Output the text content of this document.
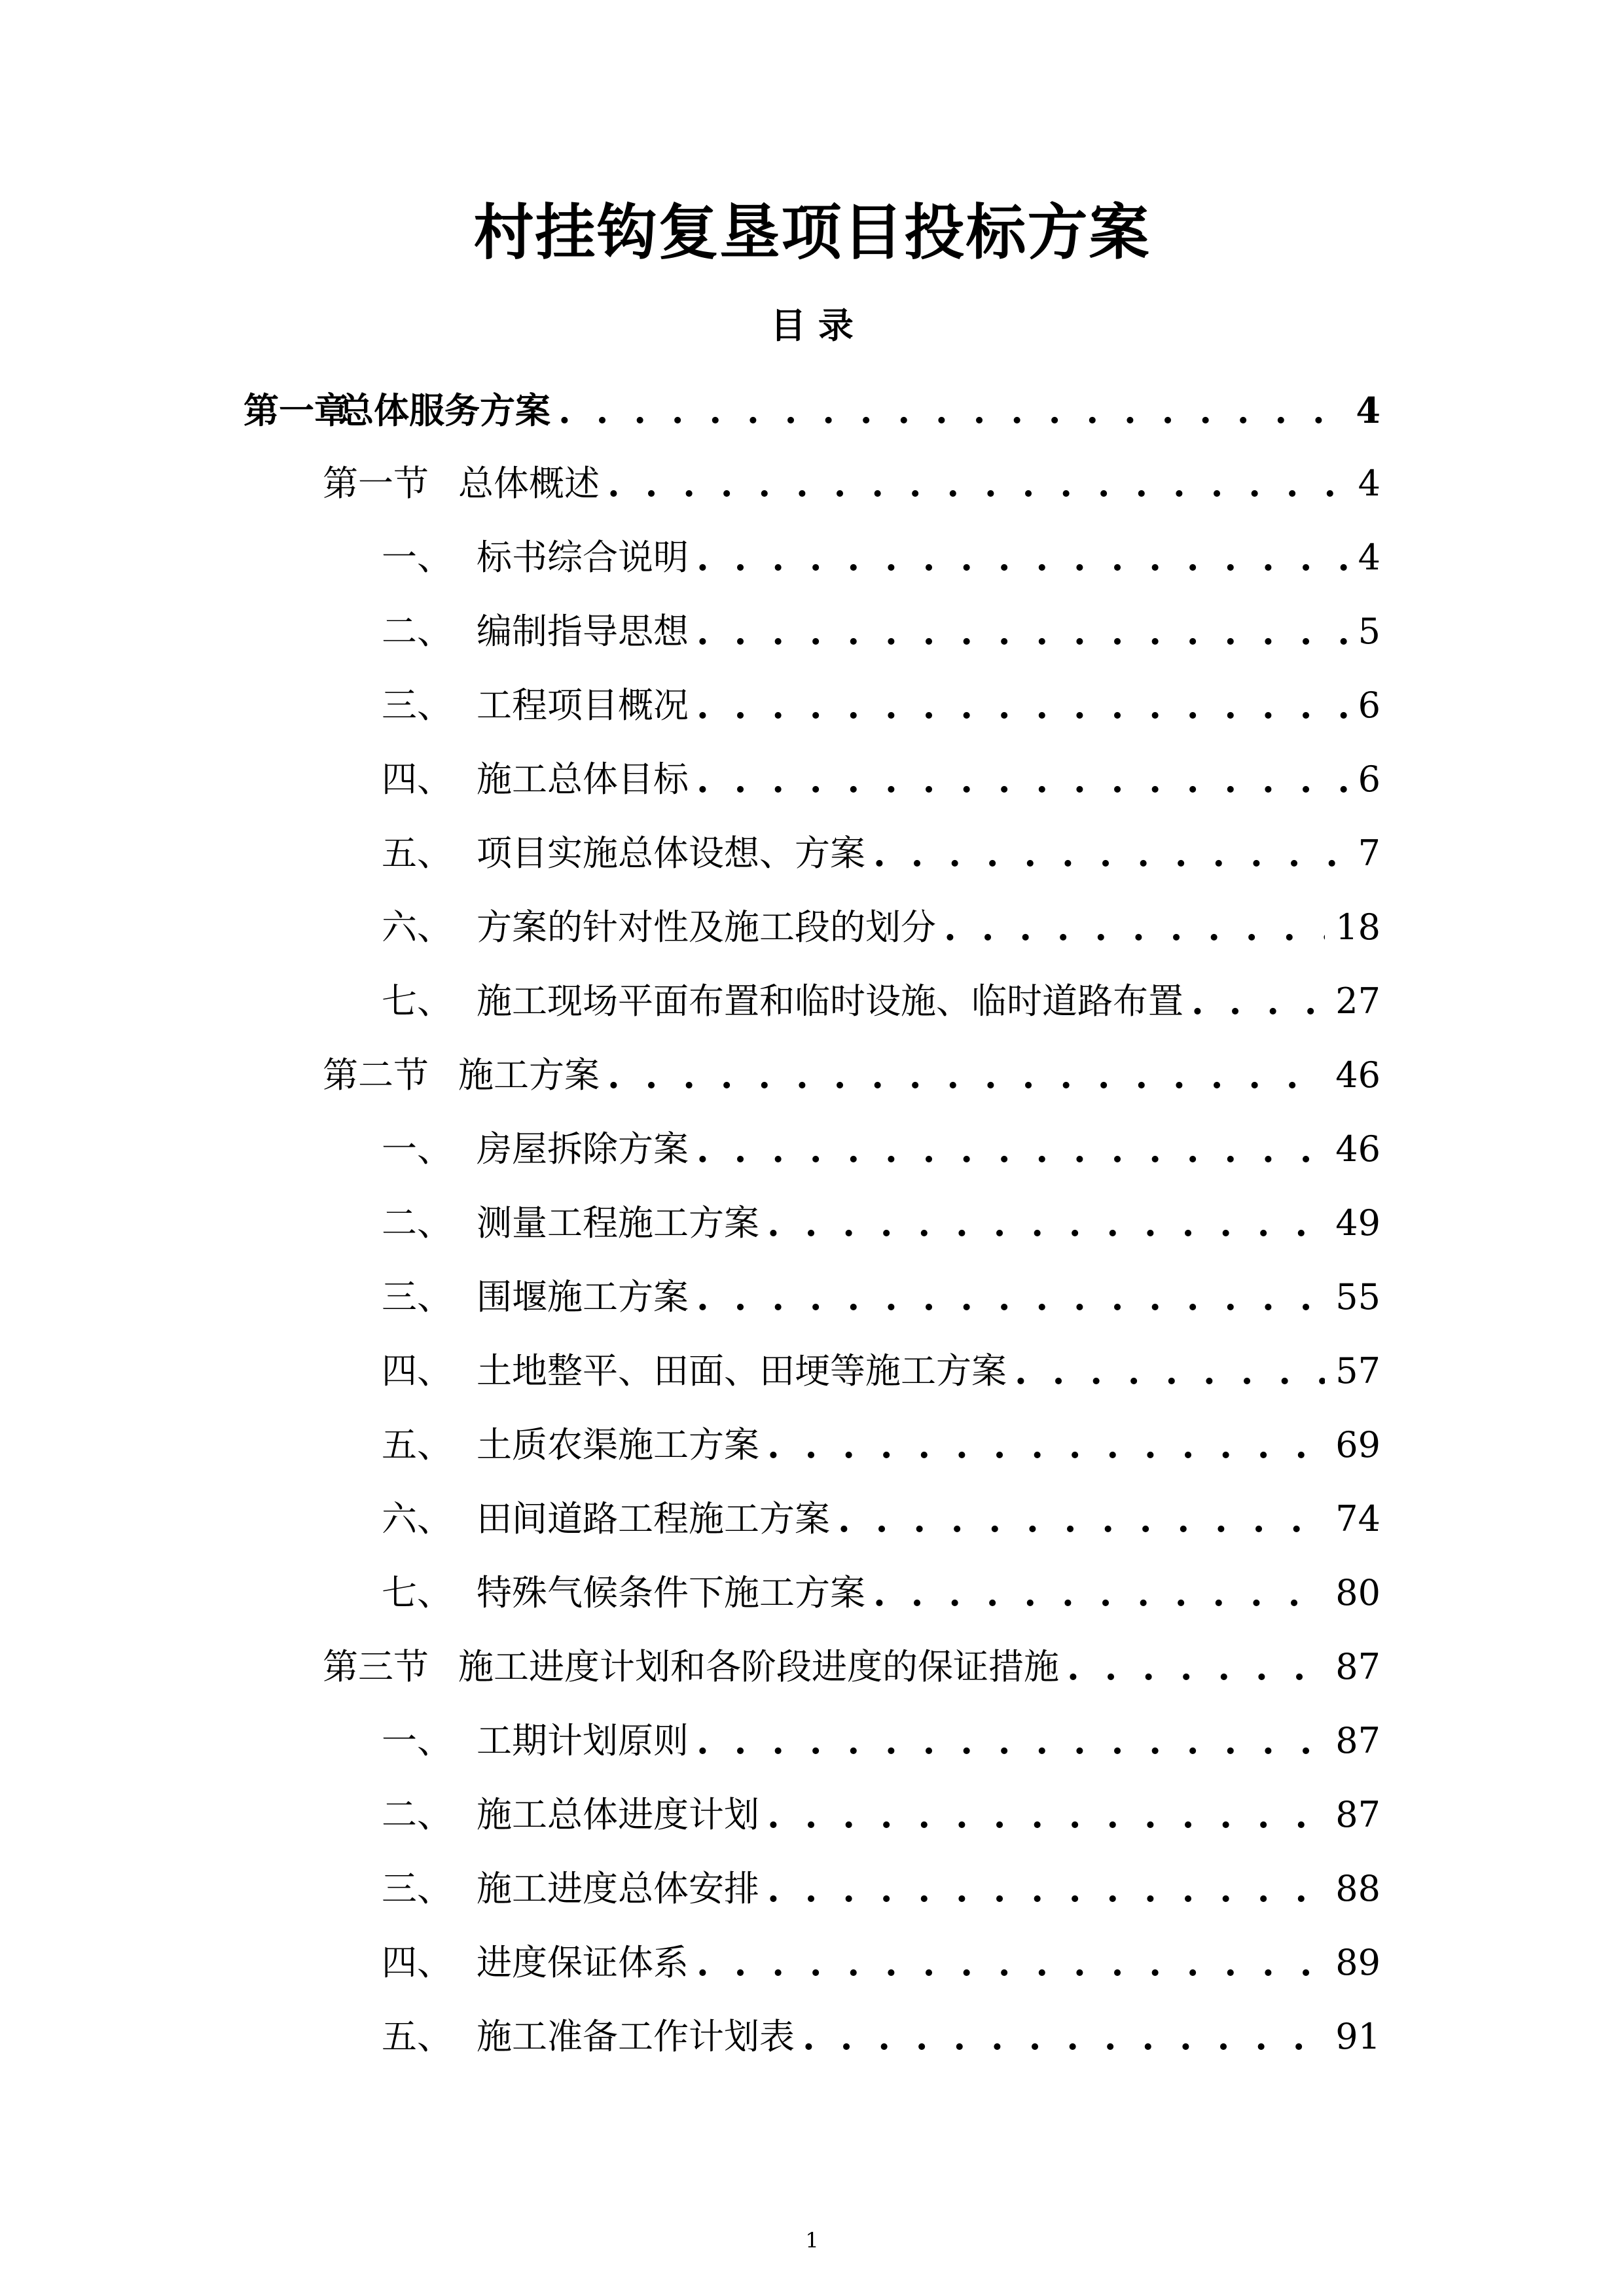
村挂钩复垦项目投标方案
目 录
第一章
总体服务方案 . . .	4
第一节 总体概述 . . .	4
一、 标书综合说明 . . .	4
二、 编制指导思想 . . .	5
三、 工程项目概况 . . .	6
四、 施工总体目标 . . .	6
五、 项目实施总体设想、方案 . . .	7
六、 方案的针对性及施工段的划分 . . .	18
七、 施工现场平面布置和临时设施、临时道路布置 . . .	27
第二节 施工方案 . . .	46
一、 房屋拆除方案 . . .	46
二、 测量工程施工方案 . . .	49
三、 围堰施工方案 . . .	55
四、 土地整平、田面、田埂等施工方案 . . .	57
五、 土质农渠施工方案 . . .	69
六、 田间道路工程施工方案 . . .	74
七、 特殊气候条件下施工方案 . . .	80
第三节 施工进度计划和各阶段进度的保证措施 . . .	87
一、 工期计划原则 . . .	87
二、 施工总体进度计划 . . .	87
三、 施工进度总体安排 . . .	88
四、 进度保证体系 . . .	89
五、 施工准备工作计划表 . . .	91
1
